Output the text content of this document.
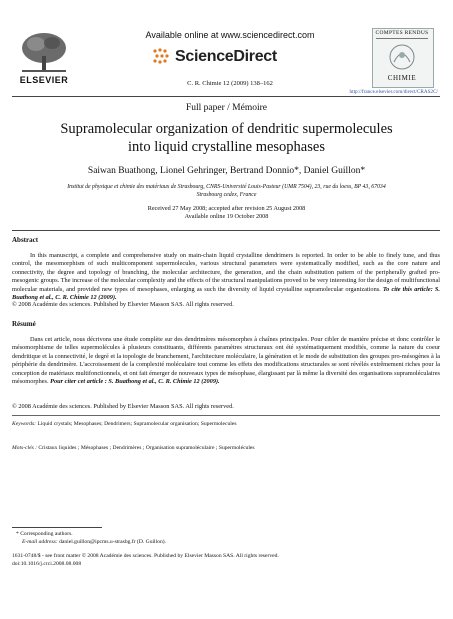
ELSEVIER
Available online at www.sciencedirect.com
ScienceDirect
C. R. Chimie 12 (2009) 138–162
COMPTES RENDUS
CHIMIE
http://france.elsevier.com/direct/CRAS2C/
Full paper / Mémoire
Supramolecular organization of dendritic supermolecules
into liquid crystalline mesophases
Saiwan Buathong, Lionel Gehringer, Bertrand Donnio*, Daniel Guillon*
Institut de physique et chimie des matériaux de Strasbourg, CNRS-Université Louis-Pasteur (UMR 7504), 23, rue du loess, BP 43, 67034
Strasbourg cedex, France
Received 27 May 2008; accepted after revision 25 August 2008
Available online 19 October 2008
Abstract
In this manuscript, a complete and comprehensive study on main-chain liquid crystalline dendrimers is reported. In order to be able to finely tune, and thus control, the mesomorphism of such multicomponent supermolecules, various structural parameters were systematically modified, such as the core nature and connectivity, the degree and topology of branching, the molecular architecture, the generation, and the chain substitution pattern of the peripherally grafted pro-mesogenic groups. The increase of the molecular complexity and the effects of the structural manipulations proved to be very interesting for the design of multifunctional molecular materials, and provided new types of mesophases, enlarging as such the diversity of liquid crystalline supramolecular organizations. To cite this article: S. Buathong et al., C. R. Chimie 12 (2009).
© 2008 Académie des sciences. Published by Elsevier Masson SAS. All rights reserved.
Résumé
Dans cet article, nous décrivons une étude complète sur des dendrimères mésomorphes à chaînes principales. Pour cibler de manière précise et donc contrôler le mésomorphisme de telles supermolécules à plusieurs constituants, différents paramètres structuraux ont été systématiquement modifiés, comme la nature du coeur dendritique et la connectivité, le degré et la topologie de branchement, l'architecture moléculaire, la génération et le mode de substitution des groupes pro-mésogènes à la périphérie du dendrimère. L'accroissement de la complexité moléculaire tout comme les effets des modifications structurales se sont révélés extrêmement riches pour la conception de matériaux multifonctionnels, et ont fait émerger de nouveaux types de mésophase, élargissant par là même la diversité des organisations supramoléculaires mésomorphes. Pour citer cet article : S. Buathong et al., C. R. Chimie 12 (2009).
© 2008 Académie des sciences. Published by Elsevier Masson SAS. All rights reserved.
Keywords: Liquid crystals; Mesophases; Dendrimers; Supramolecular organisation; Supermolecules
Mots-clés : Cristaux liquides ; Mésophases ; Dendrimères ; Organisation supramoléculaire ; Supermolécules
* Corresponding authors.
E-mail address: daniel.guillon@ipcms.u-strasbg.fr (D. Guillon).
1631-0748/$ - see front matter © 2008 Académie des sciences. Published by Elsevier Masson SAS. All rights reserved.
doi:10.1016/j.crci.2008.08.008
